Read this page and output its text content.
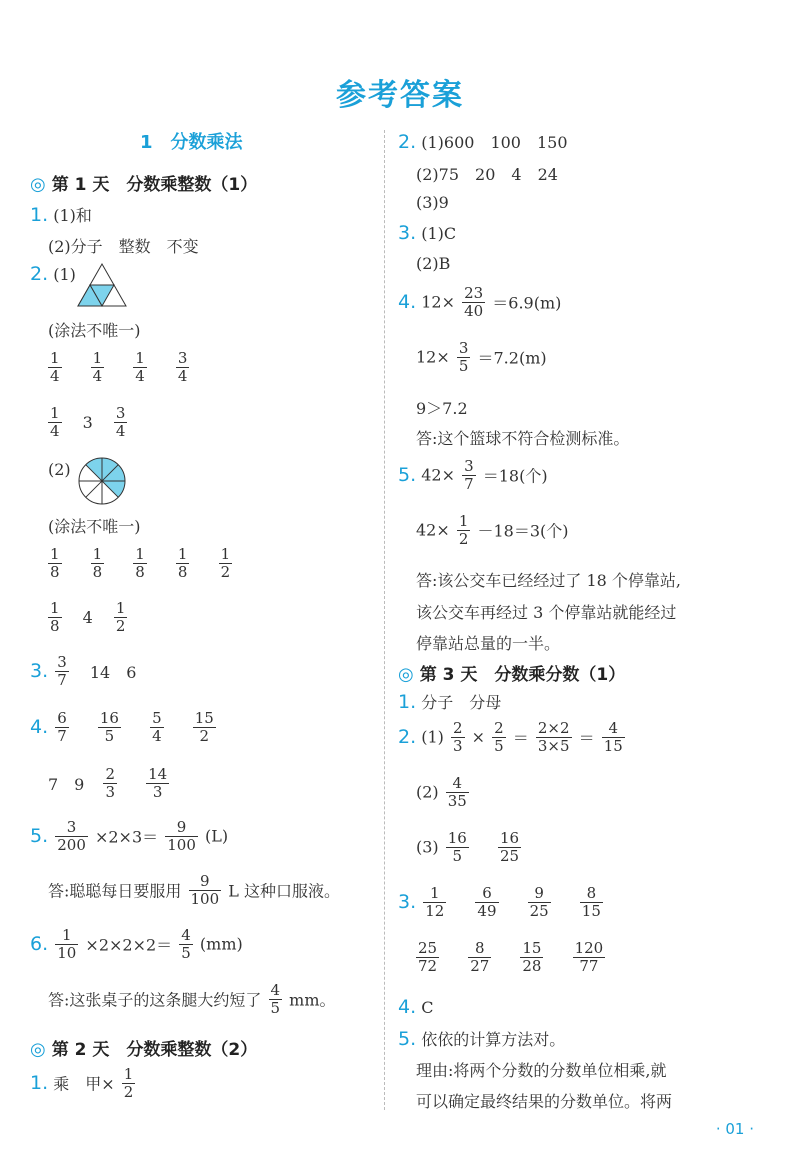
参考答案
1　分数乘法
◎ 第 1 天　分数乘整数（1）
1. (1)和
(2)分子　整数　不变
2. (1)
(涂法不唯一)
$\frac{1}{4}$
$\frac{1}{4}$
$\frac{1}{4}$
$\frac{3}{4}$
$\frac{1}{4} 3 \frac{3}{4}$
(2)
(涂法不唯一)
$\frac{1}{8}$
$\frac{1}{8}$
$\frac{1}{8}$
$\frac{1}{8}$
$\frac{1}{2}$
$\frac{1}{8} 4 \frac{1}{2}$
3. $\frac{3}{7} 14$　6
4. $\frac{6}{7}$
$\frac{16}{5}$
$\frac{5}{4}$
$\frac{15}{2}$
7　$9 \frac{2}{3}$
$\frac{14}{3}$
5. $\frac{3}{200} \times 2\times 3= \frac{9}{100} (L)$
答:聪聪每日要服用 $\frac{9}{100}$ L 这种口服液。
6. $\frac{1}{10} \times 2\times 2\times 2= \frac{4}{5} (mm)$
答:这张桌子的这条腿大约短了 $\frac{4}{5}$ mm。
◎ 第 2 天　分数乘整数（2）
1. 乘　甲× $\frac{1}{2}$
2. (1)600　100　150
(2)75　20　4　24
(3)9
3. (1)C
(2)B
4. $12\times \frac{23}{40} =6.9(m)$
$12\times \frac{3}{5} =7.2(m)$
9＞7.2
答:这个篮球不符合检测标准。
5. $42\times \frac{3}{7} =18$(个)
$42\times \frac{1}{2} -18=3$(个)
答:该公交车已经经过了 18 个停靠站,
该公交车再经过 3 个停靠站就能经过
停靠站总量的一半。
◎ 第 3 天　分数乘分数（1）
1. 分子　分母
2. $(1) \frac{2}{3} \times \frac{2}{5} = \frac{2\times 2}{3\times 5} = \frac{4}{15}$
$(2) \frac{4}{35}$
$(3) \frac{16}{5}$
$\frac{16}{25}$
3. $\frac{1}{12}$
$\frac{6}{49}$
$\frac{9}{25}$
$\frac{8}{15}$
$\frac{25}{72}$
$\frac{8}{27}$
$\frac{15}{28}$
$\frac{120}{77}$
4. C
5. 依依的计算方法对。
理由:将两个分数的分数单位相乘,就
可以确定最终结果的分数单位。将两
· 01 ·
